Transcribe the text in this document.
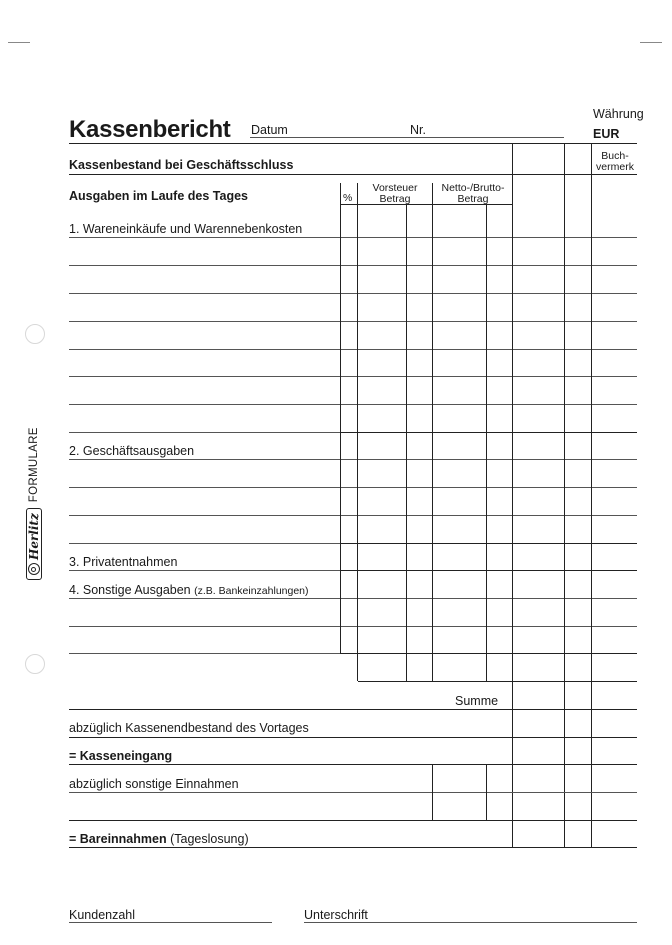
Herlitz
FORMULARE
Währung
Kassenbericht Datum	Nr.	EUR
Kassenbestand bei Geschäftsschluss
Buch-
vermerk
Ausgaben im Laufe des Tages	%
Vorsteuer
Betrag
Netto-/Brutto-
Betrag
1. Wareneinkäufe und Warennebenkosten
2. Geschäftsausgaben
3. Privatentnahmen
4. Sonstige Ausgaben (z.B. Bankeinzahlungen)
Summe
abzüglich Kassenendbestand des Vortages
= Kasseneingang
abzüglich sonstige Einnahmen
= Bareinnahmen (Tageslosung)
Kundenzahl	Unterschrift
